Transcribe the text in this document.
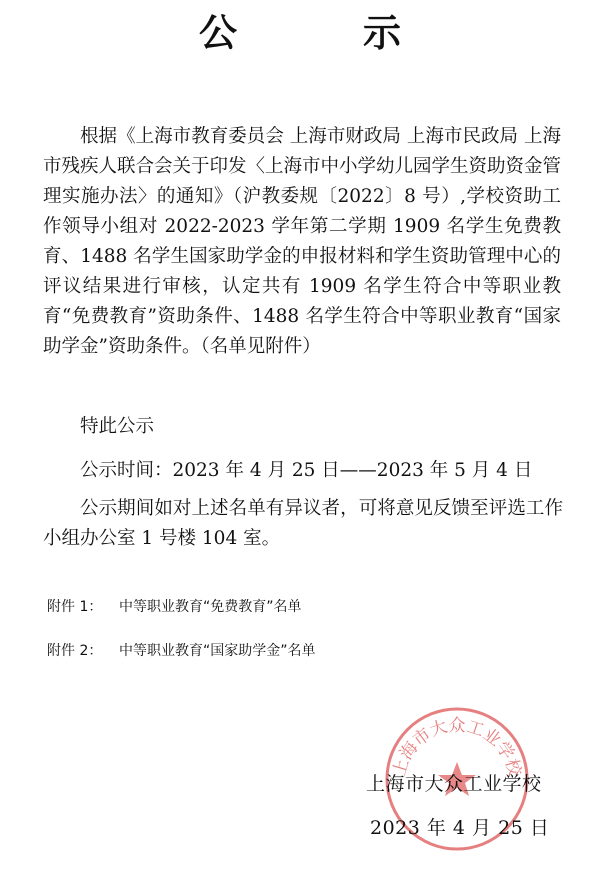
公　示

根据《上海市教育委员会 上海市财政局 上海市民政局 上海市残疾人联合会关于印发〈上海市中小学幼儿园学生资助资金管理实施办法〉的通知》（沪教委规〔2022〕8 号）,学校资助工作领导小组对 2022-2023 学年第二学期 1909 名学生免费教育、1488 名学生国家助学金的申报材料和学生资助管理中心的评议结果进行审核，认定共有 1909 名学生符合中等职业教育“免费教育”资助条件、1488 名学生符合中等职业教育“国家助学金”资助条件。（名单见附件）

特此公示

公示时间：2023 年 4 月 25 日——2023 年 5 月 4 日

公示期间如对上述名单有异议者，可将意见反馈至评选工作小组办公室 1 号楼 104 室。

附件 1： 中等职业教育“免费教育”名单
附件 2： 中等职业教育“国家助学金”名单
上海市大众工业学校
上海市大众工业学校
2023 年 4 月 25 日
